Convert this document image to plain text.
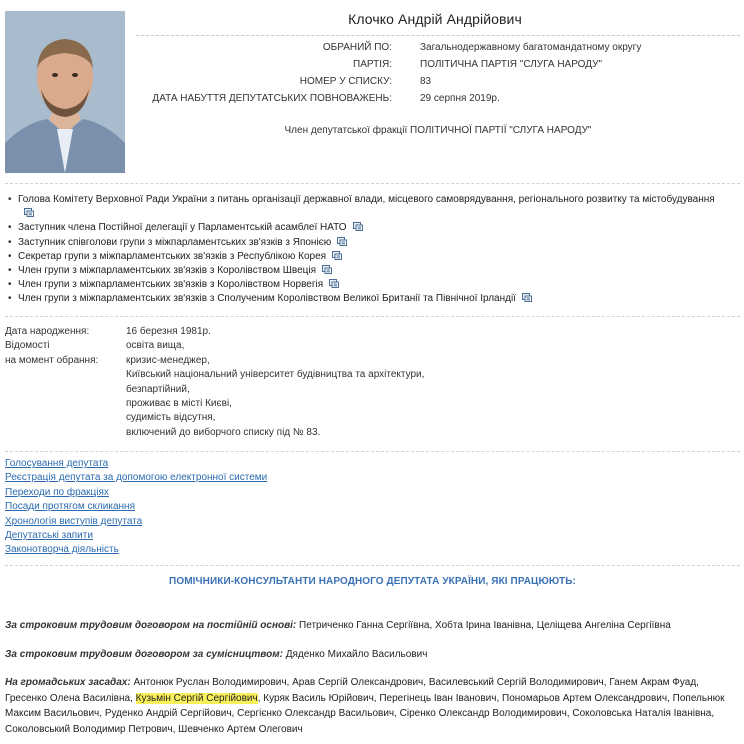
Клочко Андрій Андрійович
ОБРАНИЙ ПО:	Загальнодержавному багатомандатному округу
ПАРТІЯ:	ПОЛІТИЧНА ПАРТІЯ "СЛУГА НАРОДУ"
НОМЕР У СПИСКУ:	83
ДАТА НАБУТТЯ ДЕПУТАТСЬКИХ ПОВНОВАЖЕНЬ:	29 серпня 2019р.
Член депутатської фракції ПОЛІТИЧНОЇ ПАРТІЇ "СЛУГА НАРОДУ"
• Голова Комітету Верховної Ради України з питань організації державної влади, місцевого самоврядування, регіонального розвитку та містобудування
• Заступник члена Постійної делегації у Парламентській асамблеї НАТО
• Заступник співголови групи з міжпарламентських зв'язків з Японією
• Секретар групи з міжпарламентських зв'язків з Республікою Корея
• Член групи з міжпарламентських зв'язків з Королівством Швеція
• Член групи з міжпарламентських зв'язків з Королівством Норвегія
• Член групи з міжпарламентських зв'язків з Сполученим Королівством Великої Британії та Північної Ірландії
Дата народження:	16 березня 1981р.
Відомості
на момент обрання:
освіта вища,
кризис-менеджер,
Київський національний університет будівництва та архітектури,
безпартійний,
проживає в місті Києві,
судимість відсутня,
включений до виборчого списку під № 83.
Голосування депутата
Реєстрація депутата за допомогою електронної системи
Переходи по фракціях
Посади протягом скликання
Хронологія виступів депутата
Депутатські запити
Законотворча діяльність
ПОМІЧНИКИ-КОНСУЛЬТАНТИ НАРОДНОГО ДЕПУТАТА УКРАЇНИ, ЯКІ ПРАЦЮЮТЬ:
За строковим трудовим договором на постійній основі: Петриченко Ганна Сергіївна, Хобта Ірина Іванівна, Целіщева Ангеліна Сергіївна
За строковим трудовим договором за сумісництвом: Дяденко Михайло Васильович
На громадських засадах: Антонюк Руслан Володимирович, Арав Сергій Олександрович, Василевський Сергій Володимирович, Ганем Акрам Фуад, Гресенко Олена Василівна, Кузьмін Сергій Сергійович, Куряк Василь Юрійович, Перегінець Іван Іванович, Пономарьов Артем Олександрович, Попельнюк Максим Васильович, Руденко Андрій Сергійович, Сергієнко Олександр Васильович, Сіренко Олександр Володимирович, Соколовська Наталія Іванівна, Соколовський Володимир Петрович, Шевченко Артем Олегович
